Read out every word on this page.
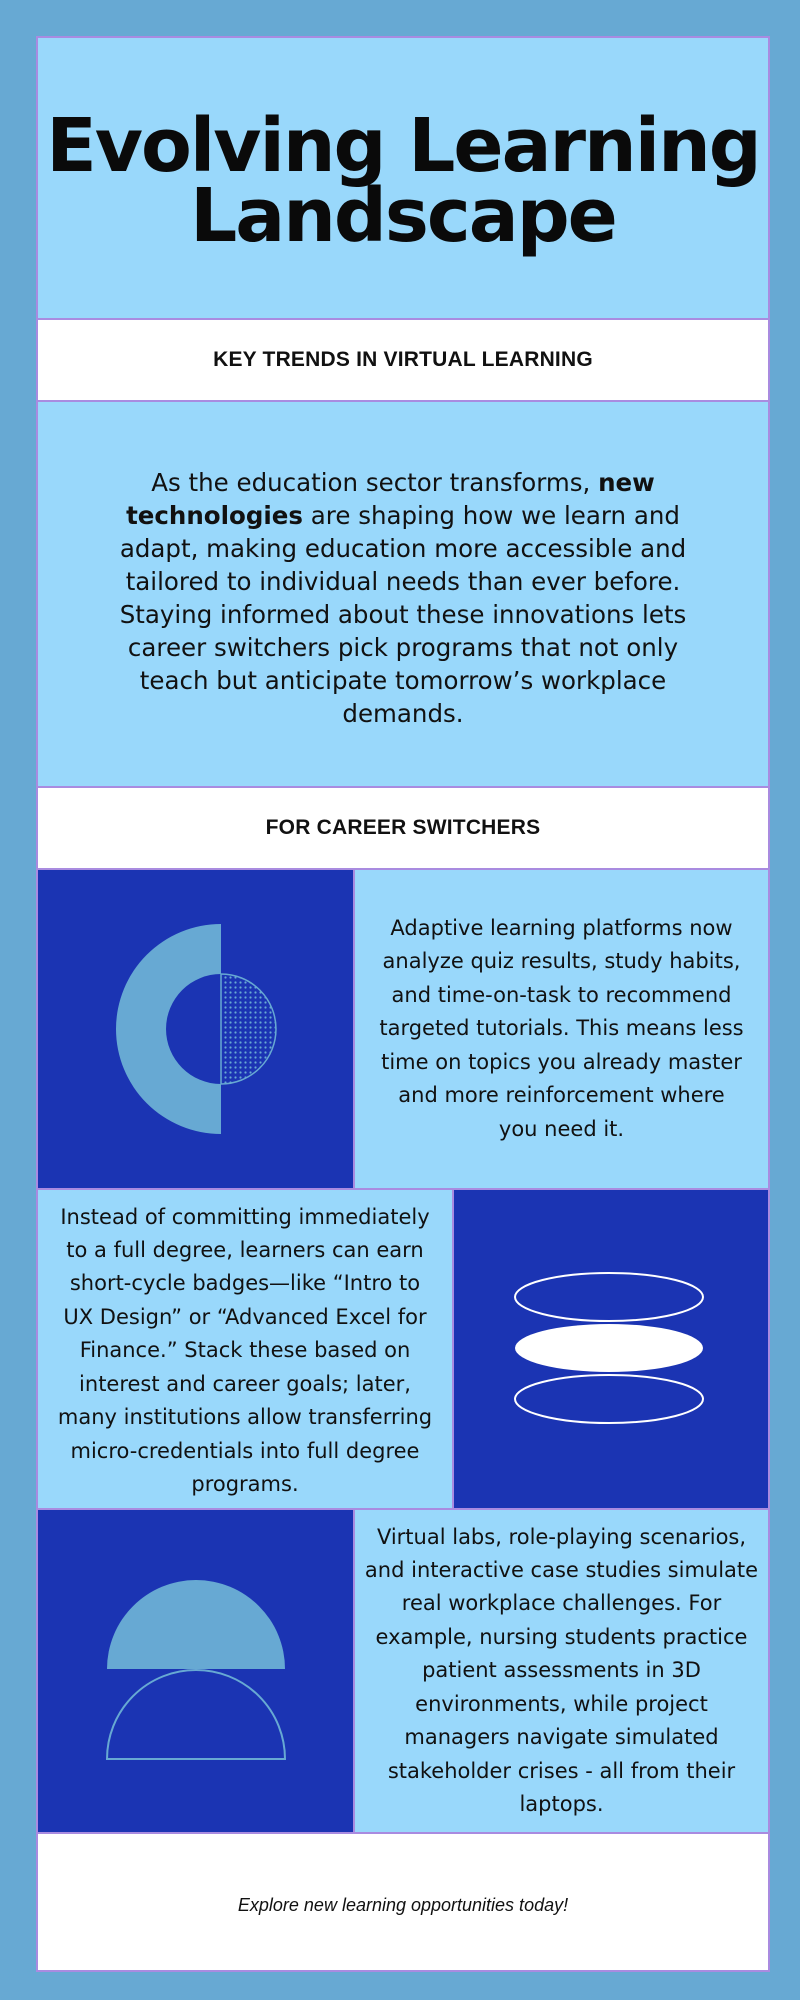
Evolving Learning
Landscape
KEY TRENDS IN VIRTUAL LEARNING

As the education sector transforms, new technologies are shaping how we learn and adapt, making education more accessible and tailored to individual needs than ever before. Staying informed about these innovations lets career switchers pick programs that not only teach but anticipate tomorrow’s workplace demands.

FOR CAREER SWITCHERS

Adaptive learning platforms now analyze quiz results, study habits, and time-on-task to recommend targeted tutorials. This means less time on topics you already master and more reinforcement where you need it.

Instead of committing immediately to a full degree, learners can earn short-cycle badges—like “Intro to UX Design” or “Advanced Excel for Finance.” Stack these based on interest and career goals; later, many institutions allow transferring micro-credentials into full degree programs.

Virtual labs, role-playing scenarios, and interactive case studies simulate real workplace challenges. For example, nursing students practice patient assessments in 3D environments, while project managers navigate simulated stakeholder crises - all from their laptops.

Explore new learning opportunities today!
